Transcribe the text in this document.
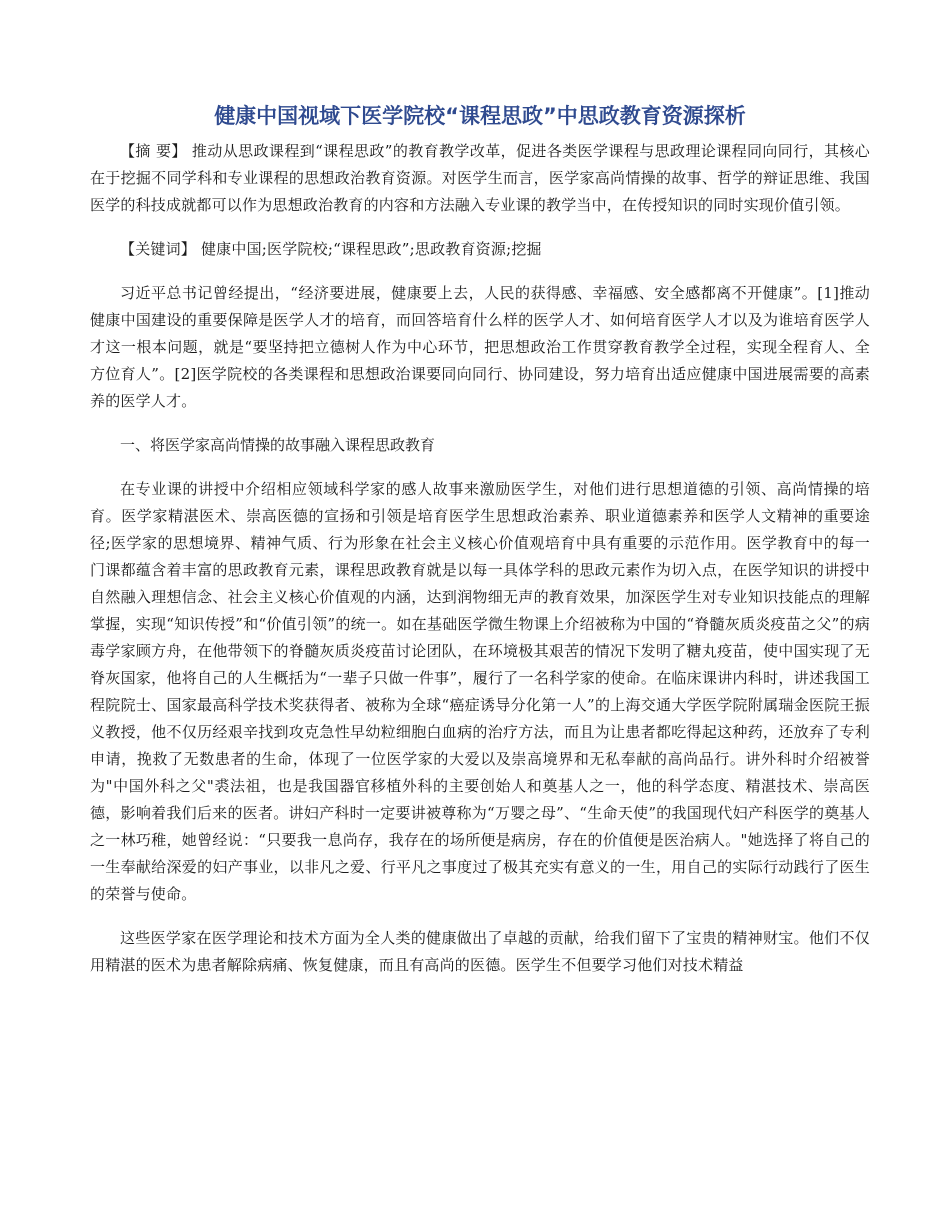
健康中国视域下医学院校“课程思政”中思政教育资源探析

【摘 要】 推动从思政课程到“课程思政”的教育教学改革，促进各类医学课程与思政理论课程同向同行，其核心在于挖掘不同学科和专业课程的思想政治教育资源。对医学生而言，医学家高尚情操的故事、哲学的辩证思维、我国医学的科技成就都可以作为思想政治教育的内容和方法融入专业课的教学当中，在传授知识的同时实现价值引领。

【关键词】 健康中国;医学院校;“课程思政”;思政教育资源;挖掘

习近平总书记曾经提出，“经济要进展，健康要上去，人民的获得感、幸福感、安全感都离不开健康”。[1]推动健康中国建设的重要保障是医学人才的培育，而回答培育什么样的医学人才、如何培育医学人才以及为谁培育医学人才这一根本问题，就是“要坚持把立德树人作为中心环节，把思想政治工作贯穿教育教学全过程，实现全程育人、全方位育人”。[2]医学院校的各类课程和思想政治课要同向同行、协同建设，努力培育出适应健康中国进展需要的高素养的医学人才。

一、将医学家高尚情操的故事融入课程思政教育

在专业课的讲授中介绍相应领域科学家的感人故事来激励医学生，对他们进行思想道德的引领、高尚情操的培育。医学家精湛医术、崇高医德的宣扬和引领是培育医学生思想政治素养、职业道德素养和医学人文精神的重要途径;医学家的思想境界、精神气质、行为形象在社会主义核心价值观培育中具有重要的示范作用。医学教育中的每一门课都蕴含着丰富的思政教育元素，课程思政教育就是以每一具体学科的思政元素作为切入点，在医学知识的讲授中自然融入理想信念、社会主义核心价值观的内涵，达到润物细无声的教育效果，加深医学生对专业知识技能点的理解掌握，实现“知识传授”和“价值引领”的统一。如在基础医学微生物课上介绍被称为中国的“脊髓灰质炎疫苗之父”的病毒学家顾方舟，在他带领下的脊髓灰质炎疫苗讨论团队，在环境极其艰苦的情况下发明了糖丸疫苗，使中国实现了无脊灰国家，他将自己的人生概括为“一辈子只做一件事”，履行了一名科学家的使命。在临床课讲内科时，讲述我国工程院院士、国家最高科学技术奖获得者、被称为全球“癌症诱导分化第一人”的上海交通大学医学院附属瑞金医院王振义教授，他不仅历经艰辛找到攻克急性早幼粒细胞白血病的治疗方法，而且为让患者都吃得起这种药，还放弃了专利申请，挽救了无数患者的生命，体现了一位医学家的大爱以及崇高境界和无私奉献的高尚品行。讲外科时介绍被誉为"中国外科之父"裘法祖，也是我国器官移植外科的主要创始人和奠基人之一，他的科学态度、精湛技术、崇高医德，影响着我们后来的医者。讲妇产科时一定要讲被尊称为“万婴之母”、“生命天使”的我国现代妇产科医学的奠基人之一林巧稚，她曾经说：“只要我一息尚存，我存在的场所便是病房，存在的价值便是医治病人。"她选择了将自己的一生奉献给深爱的妇产事业，以非凡之爱、行平凡之事度过了极其充实有意义的一生，用自己的实际行动践行了医生的荣誉与使命。

这些医学家在医学理论和技术方面为全人类的健康做出了卓越的贡献，给我们留下了宝贵的精神财宝。他们不仅用精湛的医术为患者解除病痛、恢复健康，而且有高尚的医德。医学生不但要学习他们对技术精益
